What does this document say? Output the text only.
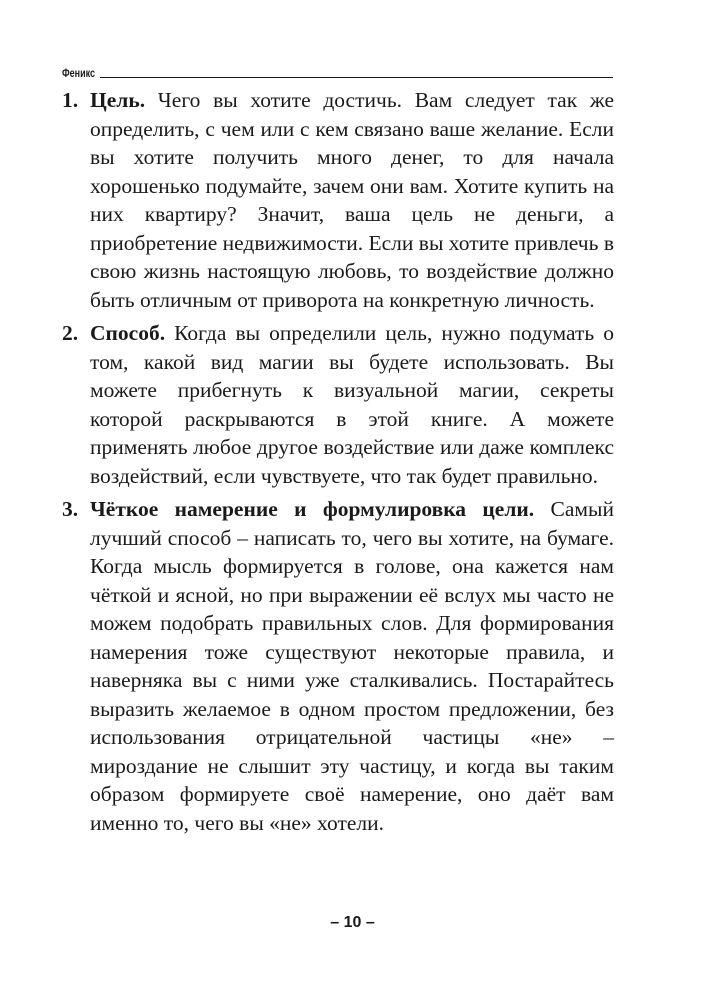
Феникс
1. Цель. Чего вы хотите достичь. Вам следует так же определить, с чем или с кем связано ваше желание. Если вы хотите получить много денег, то для начала хорошенько подумайте, зачем они вам. Хотите купить на них квартиру? Значит, ваша цель не деньги, а приобретение недвижимости. Если вы хотите привлечь в свою жизнь настоящую любовь, то воздействие должно быть отличным от приворота на конкретную личность.
2. Способ. Когда вы определили цель, нужно подумать о том, какой вид магии вы будете использовать. Вы можете прибегнуть к визуальной магии, секреты которой раскрываются в этой книге. А можете применять любое другое воздействие или даже комплекс воздействий, если чувствуете, что так будет правильно.
3. Чёткое намерение и формулировка цели. Самый лучший способ – написать то, чего вы хотите, на бумаге. Когда мысль формируется в голове, она кажется нам чёткой и ясной, но при выражении её вслух мы часто не можем подобрать правильных слов. Для формирования намерения тоже существуют некоторые правила, и наверняка вы с ними уже сталкивались. Постарайтесь выразить желаемое в одном простом предложении, без использования отрицательной частицы «не» – мироздание не слышит эту частицу, и когда вы таким образом формируете своё намерение, оно даёт вам именно то, чего вы «не» хотели.
– 10 –
